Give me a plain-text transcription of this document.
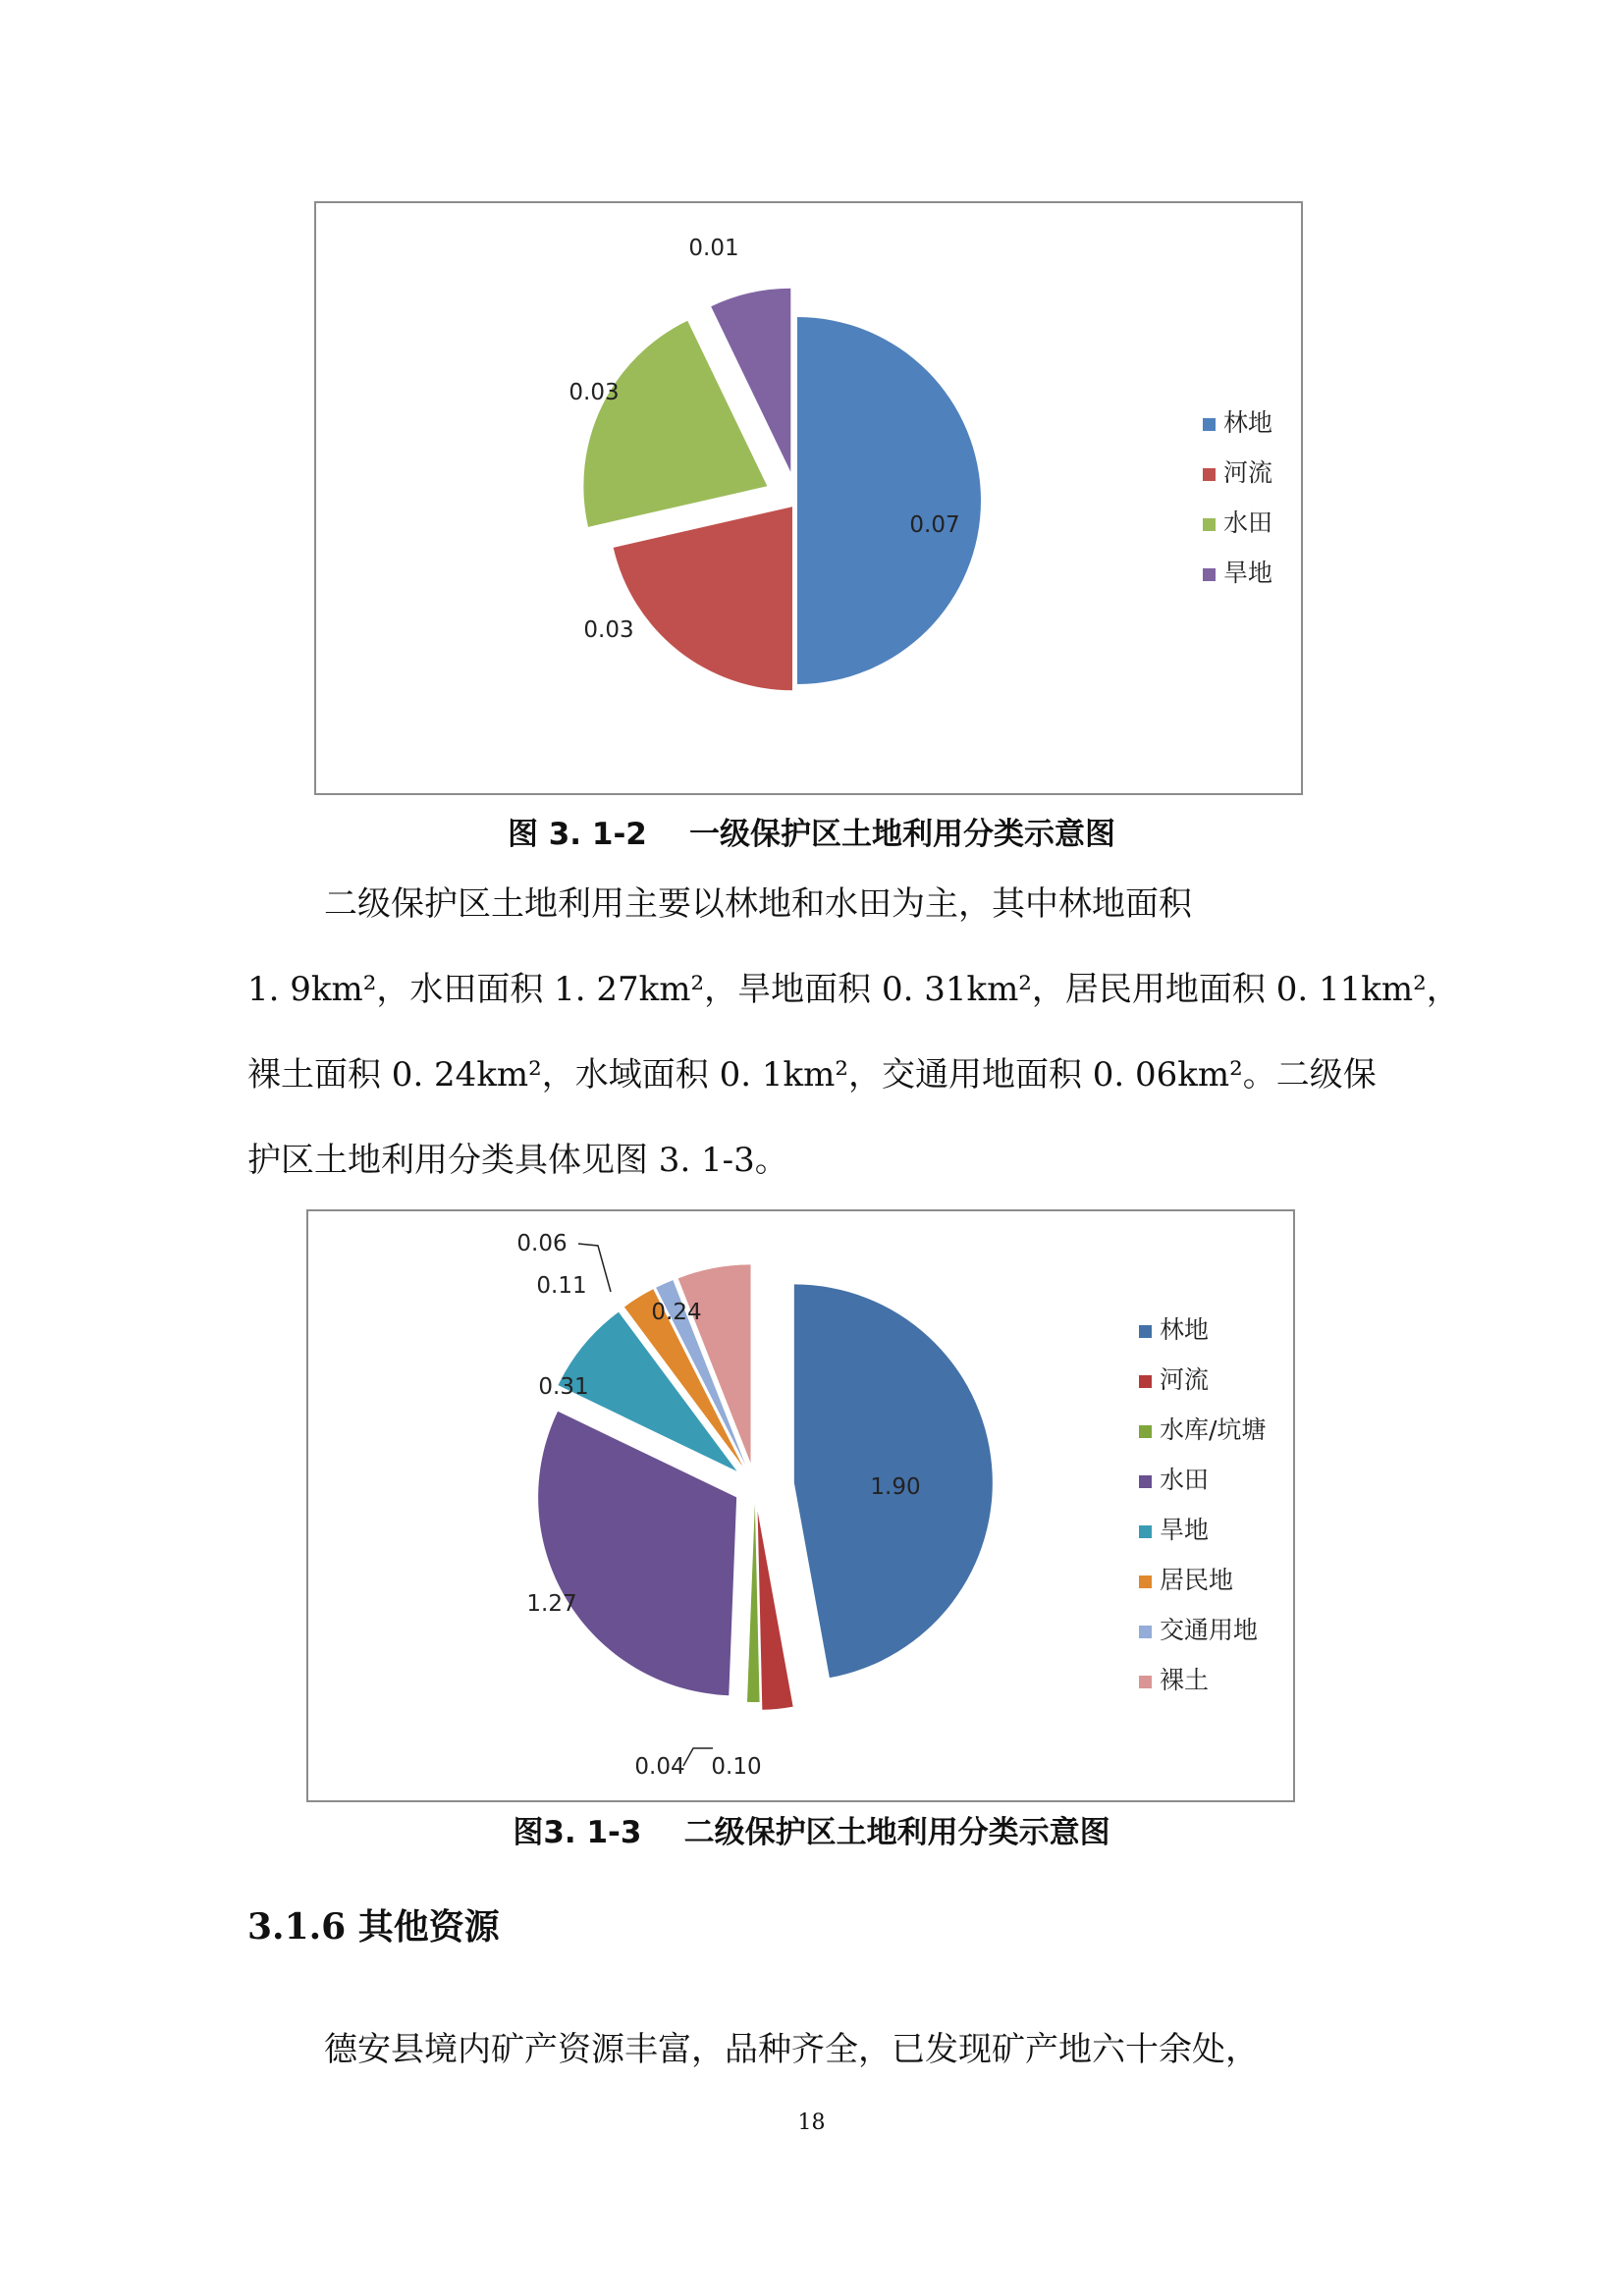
0.07
0.03
0.03
0.01
林地
河流
水田
旱地
图 3. 1-2    一级保护区土地利用分类示意图
二级保护区土地利用主要以林地和水田为主，其中林地面积
1. 9km²，水田面积 1. 27km²，旱地面积 0. 31km²，居民用地面积 0. 11km²，
裸土面积 0. 24km²，水域面积 0. 1km²，交通用地面积 0. 06km²。二级保
护区土地利用分类具体见图 3. 1-3。
1.90
0.10
0.04
1.27
0.31
0.11
0.06
0.24
林地
河流
水库/坑塘
水田
旱地
居民地
交通用地
裸土
图3. 1-3    二级保护区土地利用分类示意图
3.1.6 其他资源
德安县境内矿产资源丰富，品种齐全，已发现矿产地六十余处，
18
